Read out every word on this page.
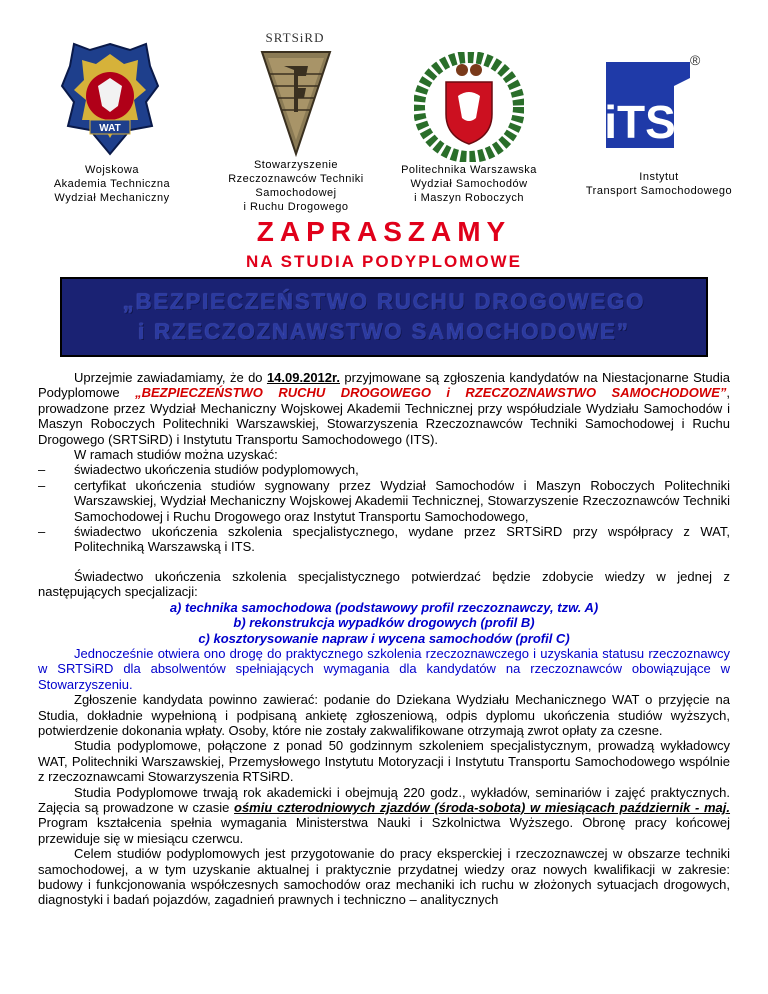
WAT
Wojskowa
Akademia Techniczna
Wydział Mechaniczny
SRTSiRD
Stowarzyszenie
Rzeczoznawców Techniki
Samochodowej
i Ruchu Drogowego
Politechnika Warszawska
Wydział Samochodów
i Maszyn Roboczych
iTS
®
Instytut
Transport Samochodowego
ZAPRASZAMY
NA STUDIA PODYPLOMOWE
„BEZPIECZEŃSTWO RUCHU DROGOWEGO
i RZECZOZNAWSTWO SAMOCHODOWE”

Uprzejmie zawiadamiamy, że do 14.09.2012r. przyjmowane są zgłoszenia kandydatów na Niestacjonarne Studia Podyplomowe „BEZPIECZEŃSTWO RUCHU DROGOWEGO i RZECZOZNAWSTWO SAMOCHODOWE”, prowadzone przez Wydział Mechaniczny Wojskowej Akademii Technicznej przy współudziale Wydziału Samochodów i Maszyn Roboczych Politechniki Warszawskiej, Stowarzyszenia Rzeczoznawców Techniki Samochodowej i Ruchu Drogowego (SRTSiRD) i Instytutu Transportu Samochodowego (ITS).

W ramach studiów można uzyskać:

– świadectwo ukończenia studiów podyplomowych,
– certyfikat ukończenia studiów sygnowany przez Wydział Samochodów i Maszyn Roboczych Politechniki Warszawskiej, Wydział Mechaniczny Wojskowej Akademii Technicznej, Stowarzyszenie Rzeczoznawców Techniki Samochodowej i Ruchu Drogowego oraz Instytut Transportu Samochodowego,
– świadectwo ukończenia szkolenia specjalistycznego, wydane przez SRTSiRD przy współpracy z WAT, Politechniką Warszawską i ITS.

Świadectwo ukończenia szkolenia specjalistycznego potwierdzać będzie zdobycie wiedzy w jednej z następujących specjalizacji:

a) technika samochodowa (podstawowy profil rzeczoznawczy, tzw. A)

b) rekonstrukcja wypadków drogowych (profil B)

c) kosztorysowanie napraw i wycena samochodów (profil C)

Jednocześnie otwiera ono drogę do praktycznego szkolenia rzeczoznawczego i uzyskania statusu rzeczoznawcy w SRTSiRD dla absolwentów spełniających wymagania dla kandydatów na rzeczoznawców obowiązujące w Stowarzyszeniu.

Zgłoszenie kandydata powinno zawierać: podanie do Dziekana Wydziału Mechanicznego WAT o przyjęcie na Studia, dokładnie wypełnioną i podpisaną ankietę zgłoszeniową, odpis dyplomu ukończenia studiów wyższych, potwierdzenie dokonania wpłaty. Osoby, które nie zostały zakwalifikowane otrzymają zwrot opłaty za czesne.

Studia podyplomowe, połączone z ponad 50 godzinnym szkoleniem specjalistycznym, prowadzą wykładowcy WAT, Politechniki Warszawskiej, Przemysłowego Instytutu Motoryzacji i Instytutu Transportu Samochodowego wspólnie z rzeczoznawcami Stowarzyszenia RTSiRD.

Studia Podyplomowe trwają rok akademicki i obejmują 220 godz., wykładów, seminariów i zajęć praktycznych. Zajęcia są prowadzone w czasie ośmiu czterodniowych zjazdów (środa-sobota) w miesiącach październik - maj. Program kształcenia spełnia wymagania Ministerstwa Nauki i Szkolnictwa Wyższego. Obronę pracy końcowej przewiduje się w miesiącu czerwcu.

Celem studiów podyplomowych jest przygotowanie do pracy eksperckiej i rzeczoznawczej w obszarze techniki samochodowej, a w tym uzyskanie aktualnej i praktycznie przydatnej wiedzy oraz nowych kwalifikacji w zakresie: budowy i funkcjonowania współczesnych samochodów oraz mechaniki ich ruchu w złożonych sytuacjach drogowych, diagnostyki i badań pojazdów, zagadnień prawnych i techniczno – analitycznych
